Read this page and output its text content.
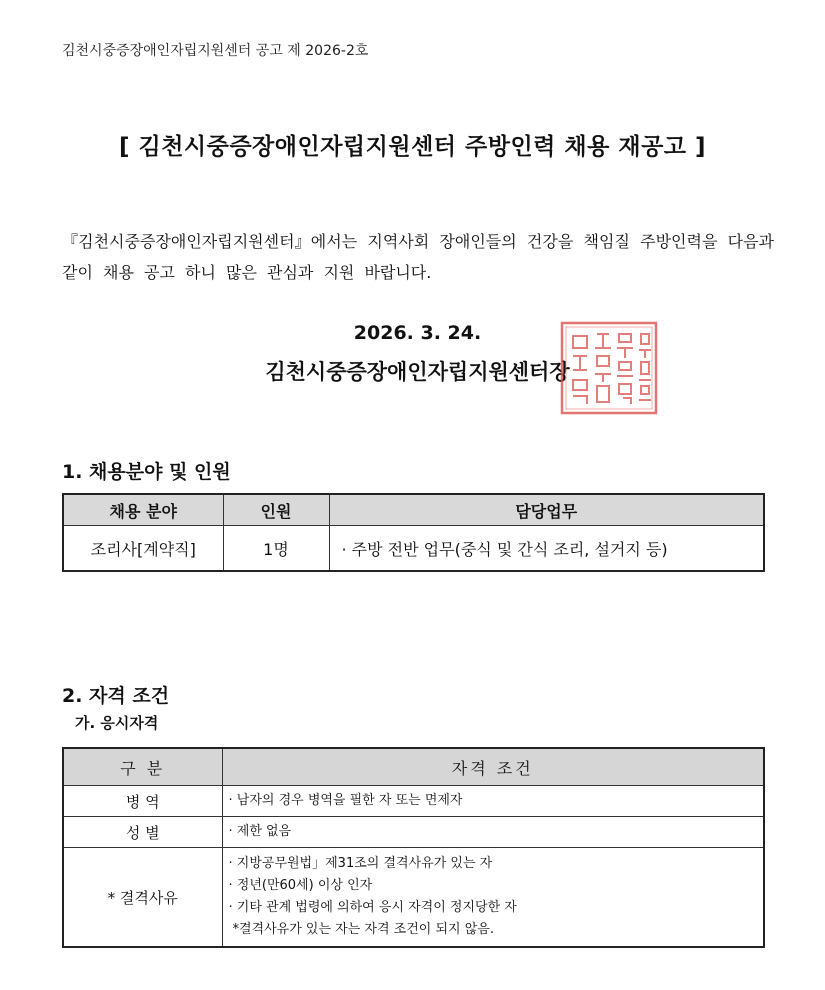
김천시중증장애인자립지원센터 공고 제 2026-2호
[ 김천시중증장애인자립지원센터 주방인력 채용 재공고 ]
『김천시중증장애인자립지원센터』에서는 지역사회 장애인들의 건강을 책임질 주방인력을 다음과 같이 채용 공고 하니 많은 관심과 지원 바랍니다.
2026. 3. 24.
김천시중증장애인자립지원센터장
1. 채용분야 및 인원
채용 분야	인원	담당업무
조리사[계약직]	1명	· 주방 전반 업무(중식 및 간식 조리, 설거지 등)
2. 자격 조건
가. 응시자격
구 분	자격 조건
병 역	· 남자의 경우 병역을 필한 자 또는 면제자

성 별	· 제한 없음

* 결격사유	· 지방공무원법」제31조의 결격사유가 있는 자
· 정년(만60세) 이상 인자
· 기타 관계 법령에 의하여 응시 자격이 정지당한 자
*결격사유가 있는 자는 자격 조건이 되지 않음.
